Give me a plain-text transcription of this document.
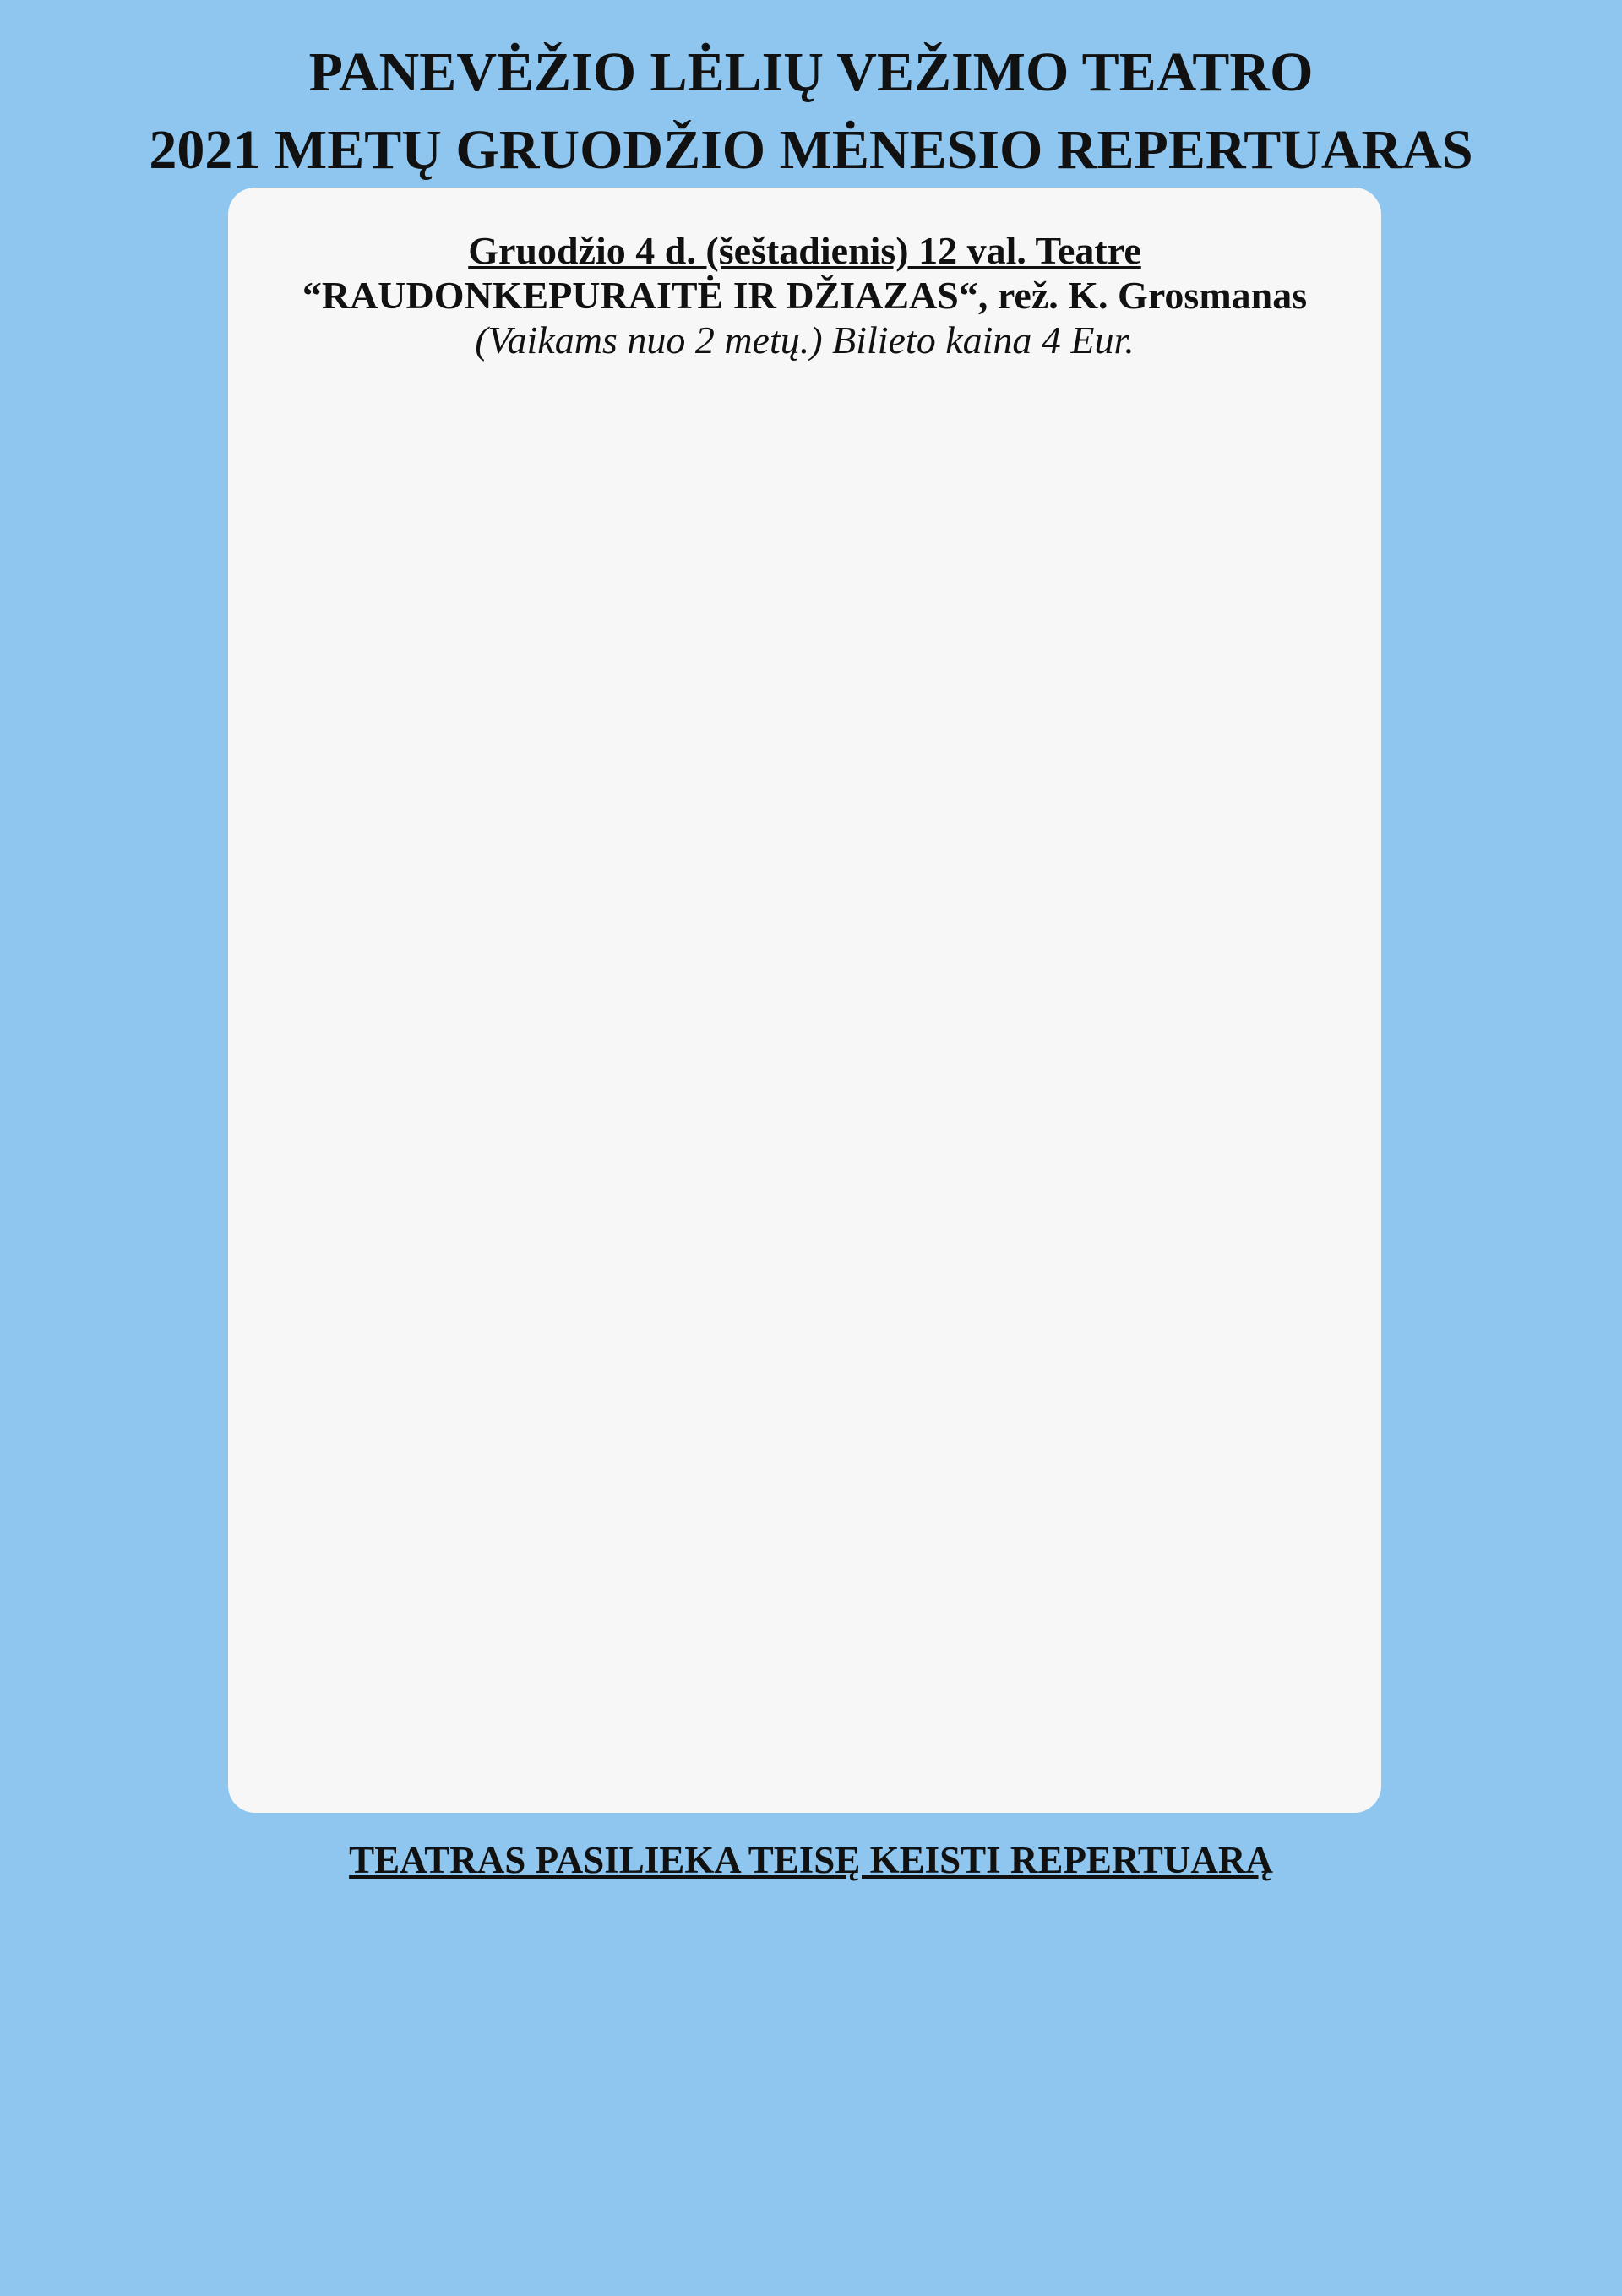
PANEVĖŽIO LĖLIŲ VEŽIMO TEATRO
2021 METŲ GRUODŽIO MĖNESIO REPERTUARAS

Gruodžio 4 d. (šeštadienis) 12 val. Teatre

“RAUDONKEPURAITĖ IR DŽIAZAS“, rež. K. Grosmanas

(Vaikams nuo 2 metų.) Bilieto kaina 4 Eur.

TEATRAS PASILIEKA TEISĘ KEISTI REPERTUARĄ
